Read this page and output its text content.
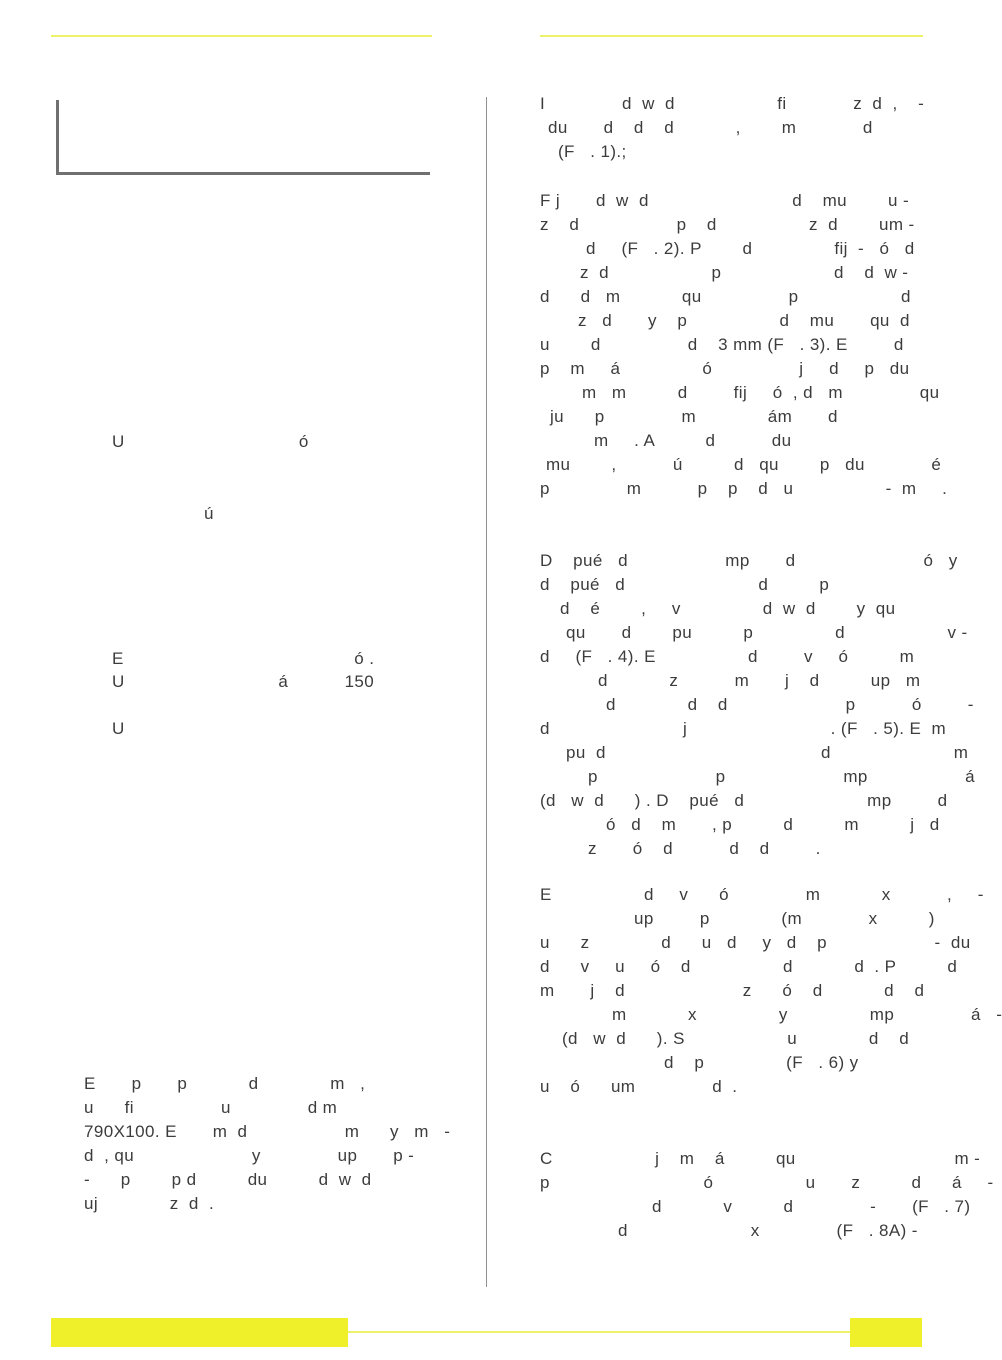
U                                  ó
ú
E                                             ó .
U                              á           150
U
E       p       p            d              m   ,
u      fi                 u               d m
790X100. E       m  d                   m      y   m   -
d  , qu                       y               up       p -
-      p        p d          du          d  w  d
uj              z  d  .
I               d  w  d                    fi             z  d  ,    -
du       d    d    d            ,        m             d
(F   . 1).;
F j       d  w  d                            d    mu        u -
z    d                   p    d                  z  d        um -
d     (F   . 2). P        d                fij  -   ó   d
z  d                    p                      d    d  w -
d      d   m            qu                 p                    d
z   d       y    p                  d    mu       qu  d
u        d                 d    3 mm (F   . 3). E         d
p    m     á                ó                 j     d     p   du
m   m          d         fij     ó  , d   m               qu
ju      p               m              ám       d
m     . A          d           du
mu        ,           ú          d   qu        p   du             é
p               m           p    p    d   u                  -  m     .
D    pué   d                   mp       d                         ó   y
d    pué   d                          d          p
d    é        ,     v                d  w  d        y  qu
qu       d        pu          p                d                    v -
d     (F   . 4). E                  d         v     ó          m
d            z           m       j    d          up   m
d              d    d                       p           ó         -
d                          j                            . (F   . 5). E  m
pu  d                                          d                        m
p                       p                       mp                   á
(d   w  d      ) . D    pué   d                        mp         d
ó   d    m       , p          d          m          j   d
z       ó    d           d    d         .
E                  d     v      ó               m            x           ,     -
up         p              (m             x          )
u      z              d      u   d     y   d    p                     -  du
d      v     u     ó    d                  d            d  . P          d
m       j    d                       z      ó    d            d    d
m            x                y                mp               á   -
(d   w  d      ). S                    u              d    d
d    p                (F   . 6) y
u    ó      um               d  .
C                    j    m    á          qu                               m -
p                              ó                  u       z          d      á     -
d            v          d               -       (F   . 7)
d                        x               (F   . 8A) -
